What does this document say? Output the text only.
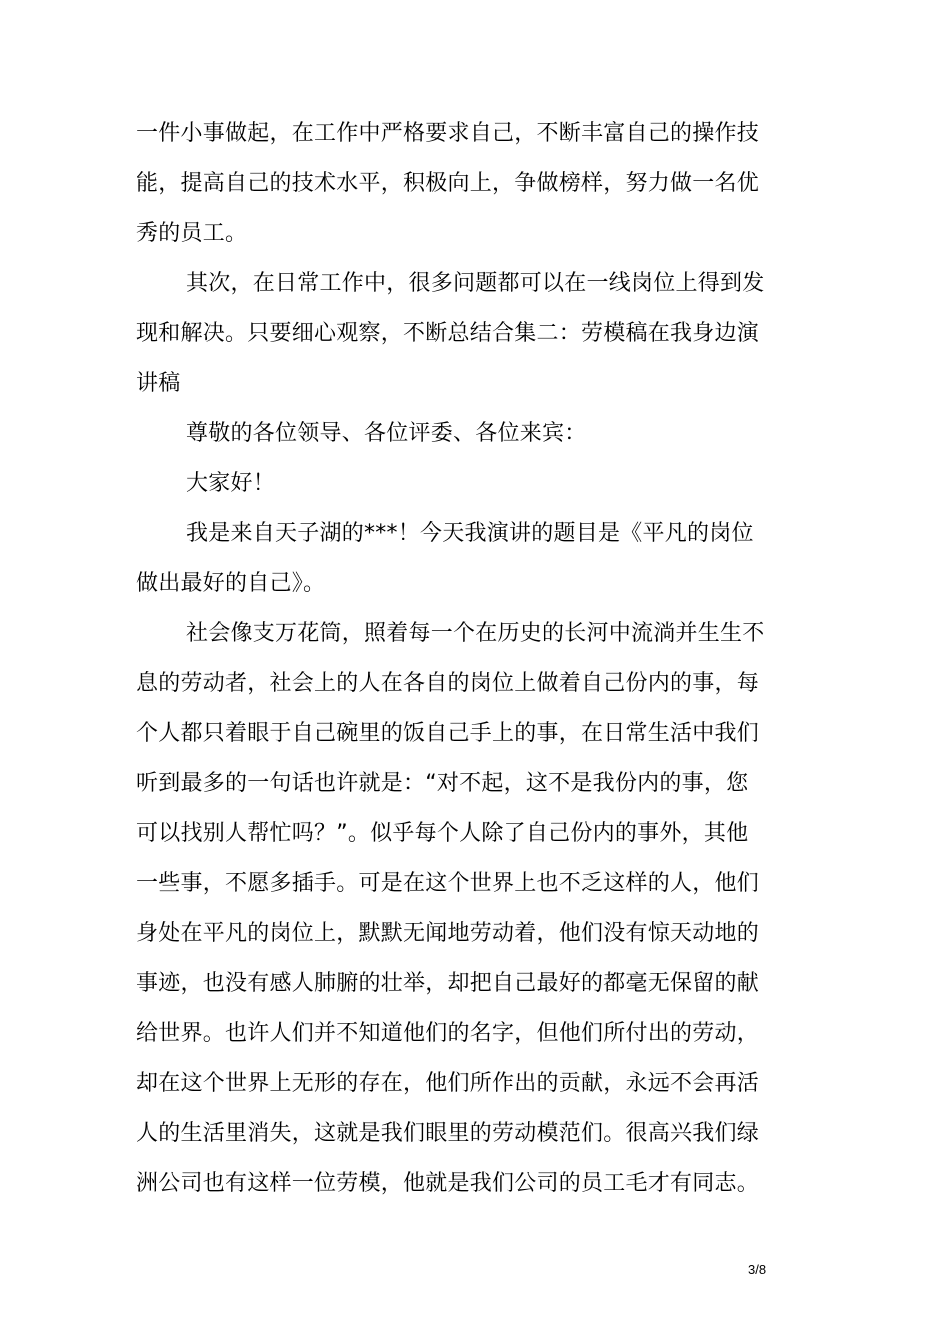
一件小事做起，在工作中严格要求自己，不断丰富自己的操作技
能，提高自己的技术水平，积极向上，争做榜样，努力做一名优
秀的员工。
其次，在日常工作中，很多问题都可以在一线岗位上得到发
现和解决。只要细心观察，不断总结合集二：劳模稿在我身边演
讲稿
尊敬的各位领导、各位评委、各位来宾：
大家好！
我是来自天子湖的***！今天我演讲的题目是《平凡的岗位
做出最好的自己》。
社会像支万花筒，照着每一个在历史的长河中流淌并生生不
息的劳动者，社会上的人在各自的岗位上做着自己份内的事，每
个人都只着眼于自己碗里的饭自己手上的事，在日常生活中我们
听到最多的一句话也许就是：“对不起，这不是我份内的事，您
可以找别人帮忙吗？”。似乎每个人除了自己份内的事外，其他
一些事，不愿多插手。可是在这个世界上也不乏这样的人，他们
身处在平凡的岗位上，默默无闻地劳动着，他们没有惊天动地的
事迹，也没有感人肺腑的壮举，却把自己最好的都毫无保留的献
给世界。也许人们并不知道他们的名字，但他们所付出的劳动，
却在这个世界上无形的存在，他们所作出的贡献，永远不会再活
人的生活里消失，这就是我们眼里的劳动模范们。很高兴我们绿
洲公司也有这样一位劳模，他就是我们公司的员工毛才有同志。
3/8
